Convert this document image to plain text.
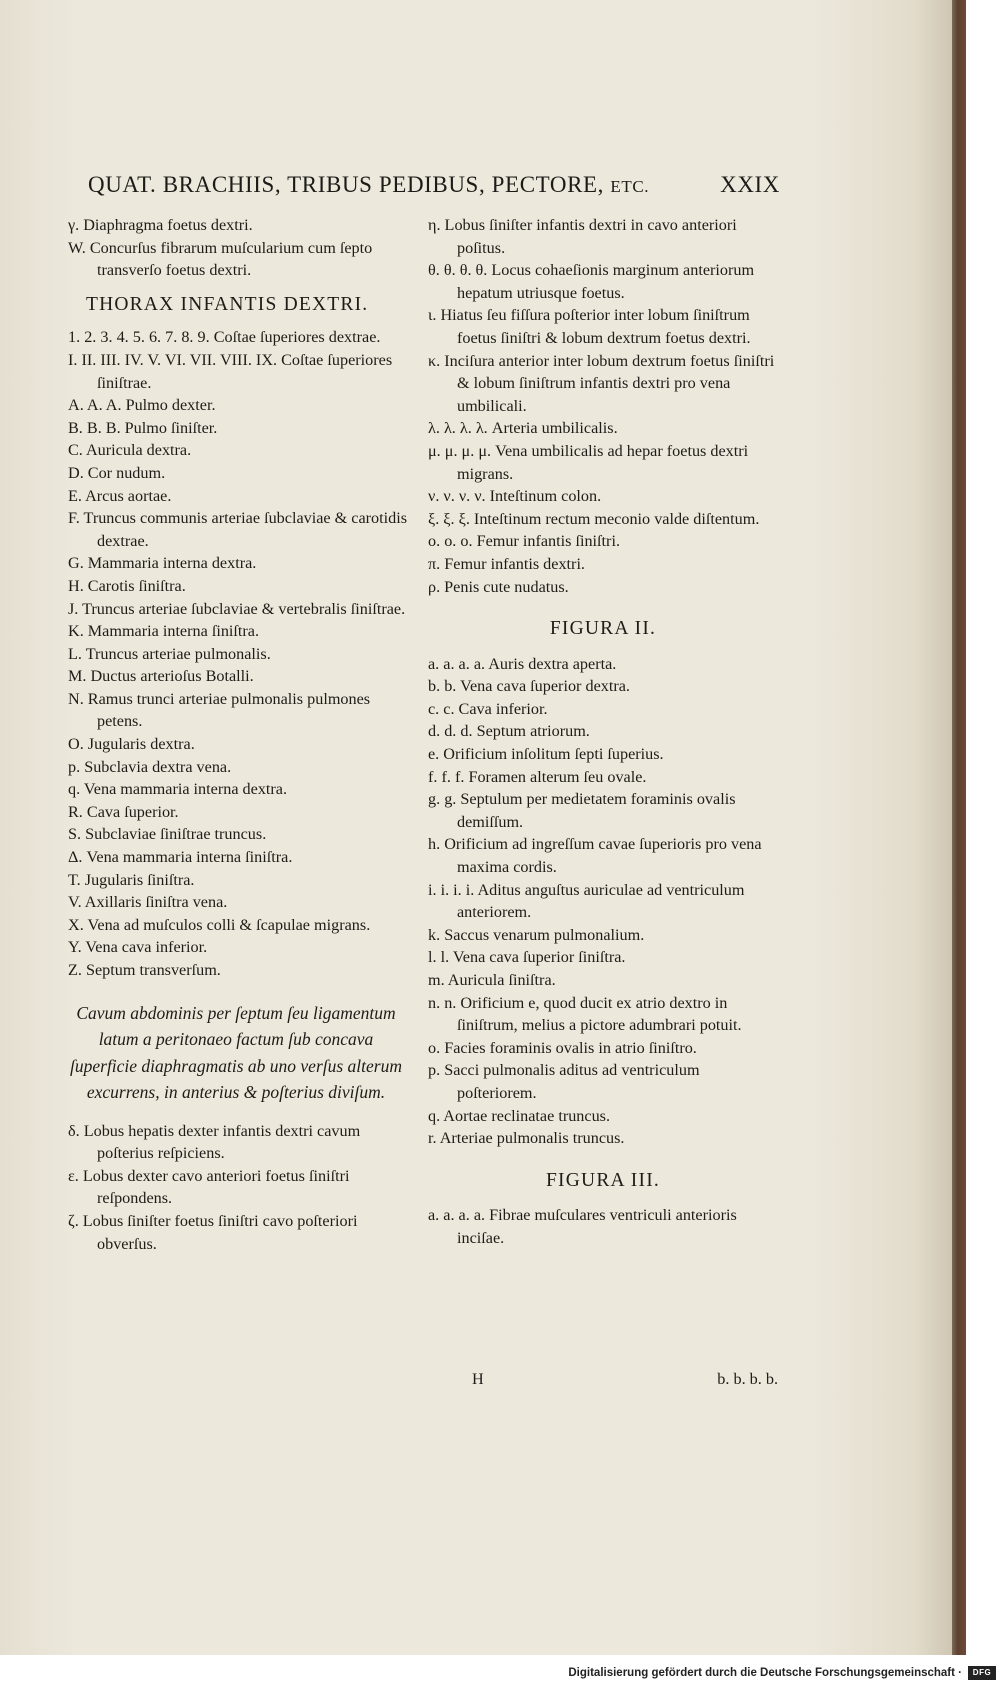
QUAT. BRACHIIS, TRIBUS PEDIBUS, PECTORE, ETC.	XXIX

γ. Diaphragma foetus dextri.

W. Concurſus fibrarum muſcularium cum ſepto transverſo foetus dextri.

THORAX INFANTIS DEXTRI.

1. 2. 3. 4. 5. 6. 7. 8. 9. Coſtae ſuperiores dextrae.

I. II. III. IV. V. VI. VII. VIII. IX. Coſtae ſuperiores ſiniſtrae.

A. A. A. Pulmo dexter.

B. B. B. Pulmo ſiniſter.

C. Auricula dextra.

D. Cor nudum.

E. Arcus aortae.

F. Truncus communis arteriae ſubclaviae & carotidis dextrae.

G. Mammaria interna dextra.

H. Carotis ſiniſtra.

J. Truncus arteriae ſubclaviae & vertebralis ſiniſtrae.

K. Mammaria interna ſiniſtra.

L. Truncus arteriae pulmonalis.

M. Ductus arterioſus Botalli.

N. Ramus trunci arteriae pulmonalis pulmones petens.

O. Jugularis dextra.

p. Subclavia dextra vena.

q. Vena mammaria interna dextra.

R. Cava ſuperior.

S. Subclaviae ſiniſtrae truncus.

Δ. Vena mammaria interna ſiniſtra.

T. Jugularis ſiniſtra.

V. Axillaris ſiniſtra vena.

X. Vena ad muſculos colli & ſcapulae migrans.

Y. Vena cava inferior.

Z. Septum transverſum.

Cavum abdominis per ſeptum ſeu ligamentum latum a peritonaeo factum ſub concava ſuperficie diaphragmatis ab uno verſus alterum excurrens, in anterius & poſterius diviſum.

δ. Lobus hepatis dexter infantis dextri cavum poſterius reſpiciens.

ε. Lobus dexter cavo anteriori foetus ſiniſtri reſpondens.

ζ. Lobus ſiniſter foetus ſiniſtri cavo poſteriori obverſus.

η. Lobus ſiniſter infantis dextri in cavo anteriori poſitus.

θ. θ. θ. θ. Locus cohaeſionis marginum anteriorum hepatum utriusque foetus.

ι. Hiatus ſeu fiſſura poſterior inter lobum ſiniſtrum foetus ſiniſtri & lobum dextrum foetus dextri.

κ. Inciſura anterior inter lobum dextrum foetus ſiniſtri & lobum ſiniſtrum infantis dextri pro vena umbilicali.

λ. λ. λ. λ. Arteria umbilicalis.

μ. μ. μ. μ. Vena umbilicalis ad hepar foetus dextri migrans.

ν. ν. ν. ν. Inteſtinum colon.

ξ. ξ. ξ. Inteſtinum rectum meconio valde diſtentum.

ο. ο. ο. Femur infantis ſiniſtri.

π. Femur infantis dextri.

ρ. Penis cute nudatus.

FIGURA II.

a. a. a. a. Auris dextra aperta.

b. b. Vena cava ſuperior dextra.

c. c. Cava inferior.

d. d. d. Septum atriorum.

e. Orificium inſolitum ſepti ſuperius.

f. f. f. Foramen alterum ſeu ovale.

g. g. Septulum per medietatem foraminis ovalis demiſſum.

h. Orificium ad ingreſſum cavae ſuperioris pro vena maxima cordis.

i. i. i. i. Aditus anguſtus auriculae ad ventriculum anteriorem.

k. Saccus venarum pulmonalium.

l. l. Vena cava ſuperior ſiniſtra.

m. Auricula ſiniſtra.

n. n. Orificium e, quod ducit ex atrio dextro in ſiniſtrum, melius a pictore adumbrari potuit.

o. Facies foraminis ovalis in atrio ſiniſtro.

p. Sacci pulmonalis aditus ad ventriculum poſteriorem.

q. Aortae reclinatae truncus.

r. Arteriae pulmonalis truncus.

FIGURA III.

a. a. a. a. Fibrae muſculares ventriculi anterioris inciſae.

H	b. b. b. b.
Digitalisierung gefördert durch die Deutsche Forschungsgemeinschaft ·	DFG
